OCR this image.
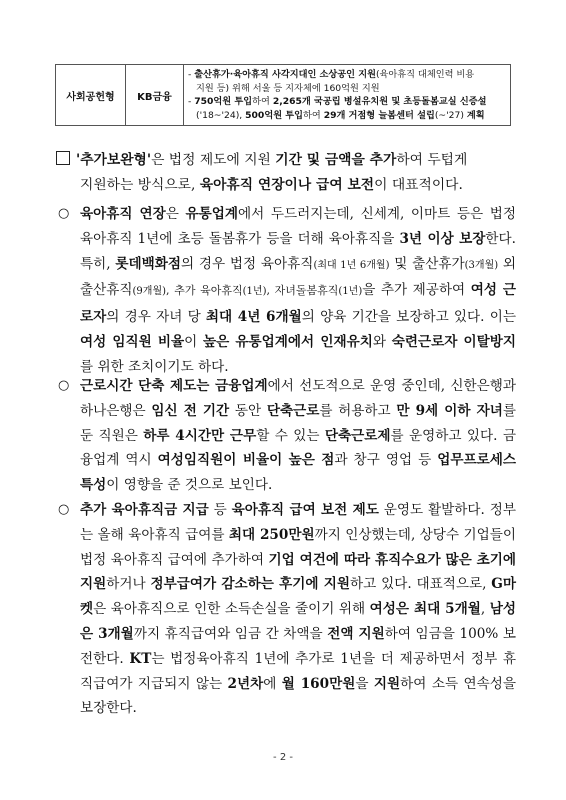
사회공헌형	KB금융	
- 출산휴가·육아휴직 사각지대인 소상공인 지원(육아휴직 대체인력 비용
지원 등) 위해 서울 등 지자체에 160억원 지원
- 750억원 투입하여 2,265개 국공립 병설유치원 및 초등돌봄교실 신증설
('18~'24), 500억원 투입하여 29개 거점형 늘봄센터 설립(~'27) 계획
'추가보완형'은 법정 제도에 지원 기간 및 금액을 추가하여 두텁게
지원하는 방식으로, 육아휴직 연장이나 급여 보전이 대표적이다.
○ 육아휴직 연장은 유통업계에서 두드러지는데, 신세계, 이마트 등은 법정 육아휴직 1년에 초등 돌봄휴가 등을 더해 육아휴직을 3년 이상 보장한다. 특히, 롯데백화점의 경우 법정 육아휴직(최대 1년 6개월) 및 출산휴가(3개월) 외 출산휴직(9개월), 추가 육아휴직(1년), 자녀돌봄휴직(1년)을 추가 제공하여 여성 근로자의 경우 자녀 당 최대 4년 6개월의 양육 기간을 보장하고 있다. 이는 여성 임직원 비율이 높은 유통업계에서 인재유치와 숙련근로자 이탈방지를 위한 조치이기도 하다.
○ 근로시간 단축 제도는 금융업계에서 선도적으로 운영 중인데, 신한은행과 하나은행은 임신 전 기간 동안 단축근로를 허용하고 만 9세 이하 자녀를 둔 직원은 하루 4시간만 근무할 수 있는 단축근로제를 운영하고 있다. 금융업계 역시 여성임직원이 비율이 높은 점과 창구 영업 등 업무프로세스 특성이 영향을 준 것으로 보인다.
○ 추가 육아휴직금 지급 등 육아휴직 급여 보전 제도 운영도 활발하다. 정부는 올해 육아휴직 급여를 최대 250만원까지 인상했는데, 상당수 기업들이 법정 육아휴직 급여에 추가하여 기업 여건에 따라 휴직수요가 많은 초기에 지원하거나 정부급여가 감소하는 후기에 지원하고 있다. 대표적으로, G마켓은 육아휴직으로 인한 소득손실을 줄이기 위해 여성은 최대 5개월, 남성은 3개월까지 휴직급여와 임금 간 차액을 전액 지원하여 임금을 100% 보전한다. KT는 법정육아휴직 1년에 추가로 1년을 더 제공하면서 정부 휴직급여가 지급되지 않는 2년차에 월 160만원을 지원하여 소득 연속성을 보장한다.
- 2 -
